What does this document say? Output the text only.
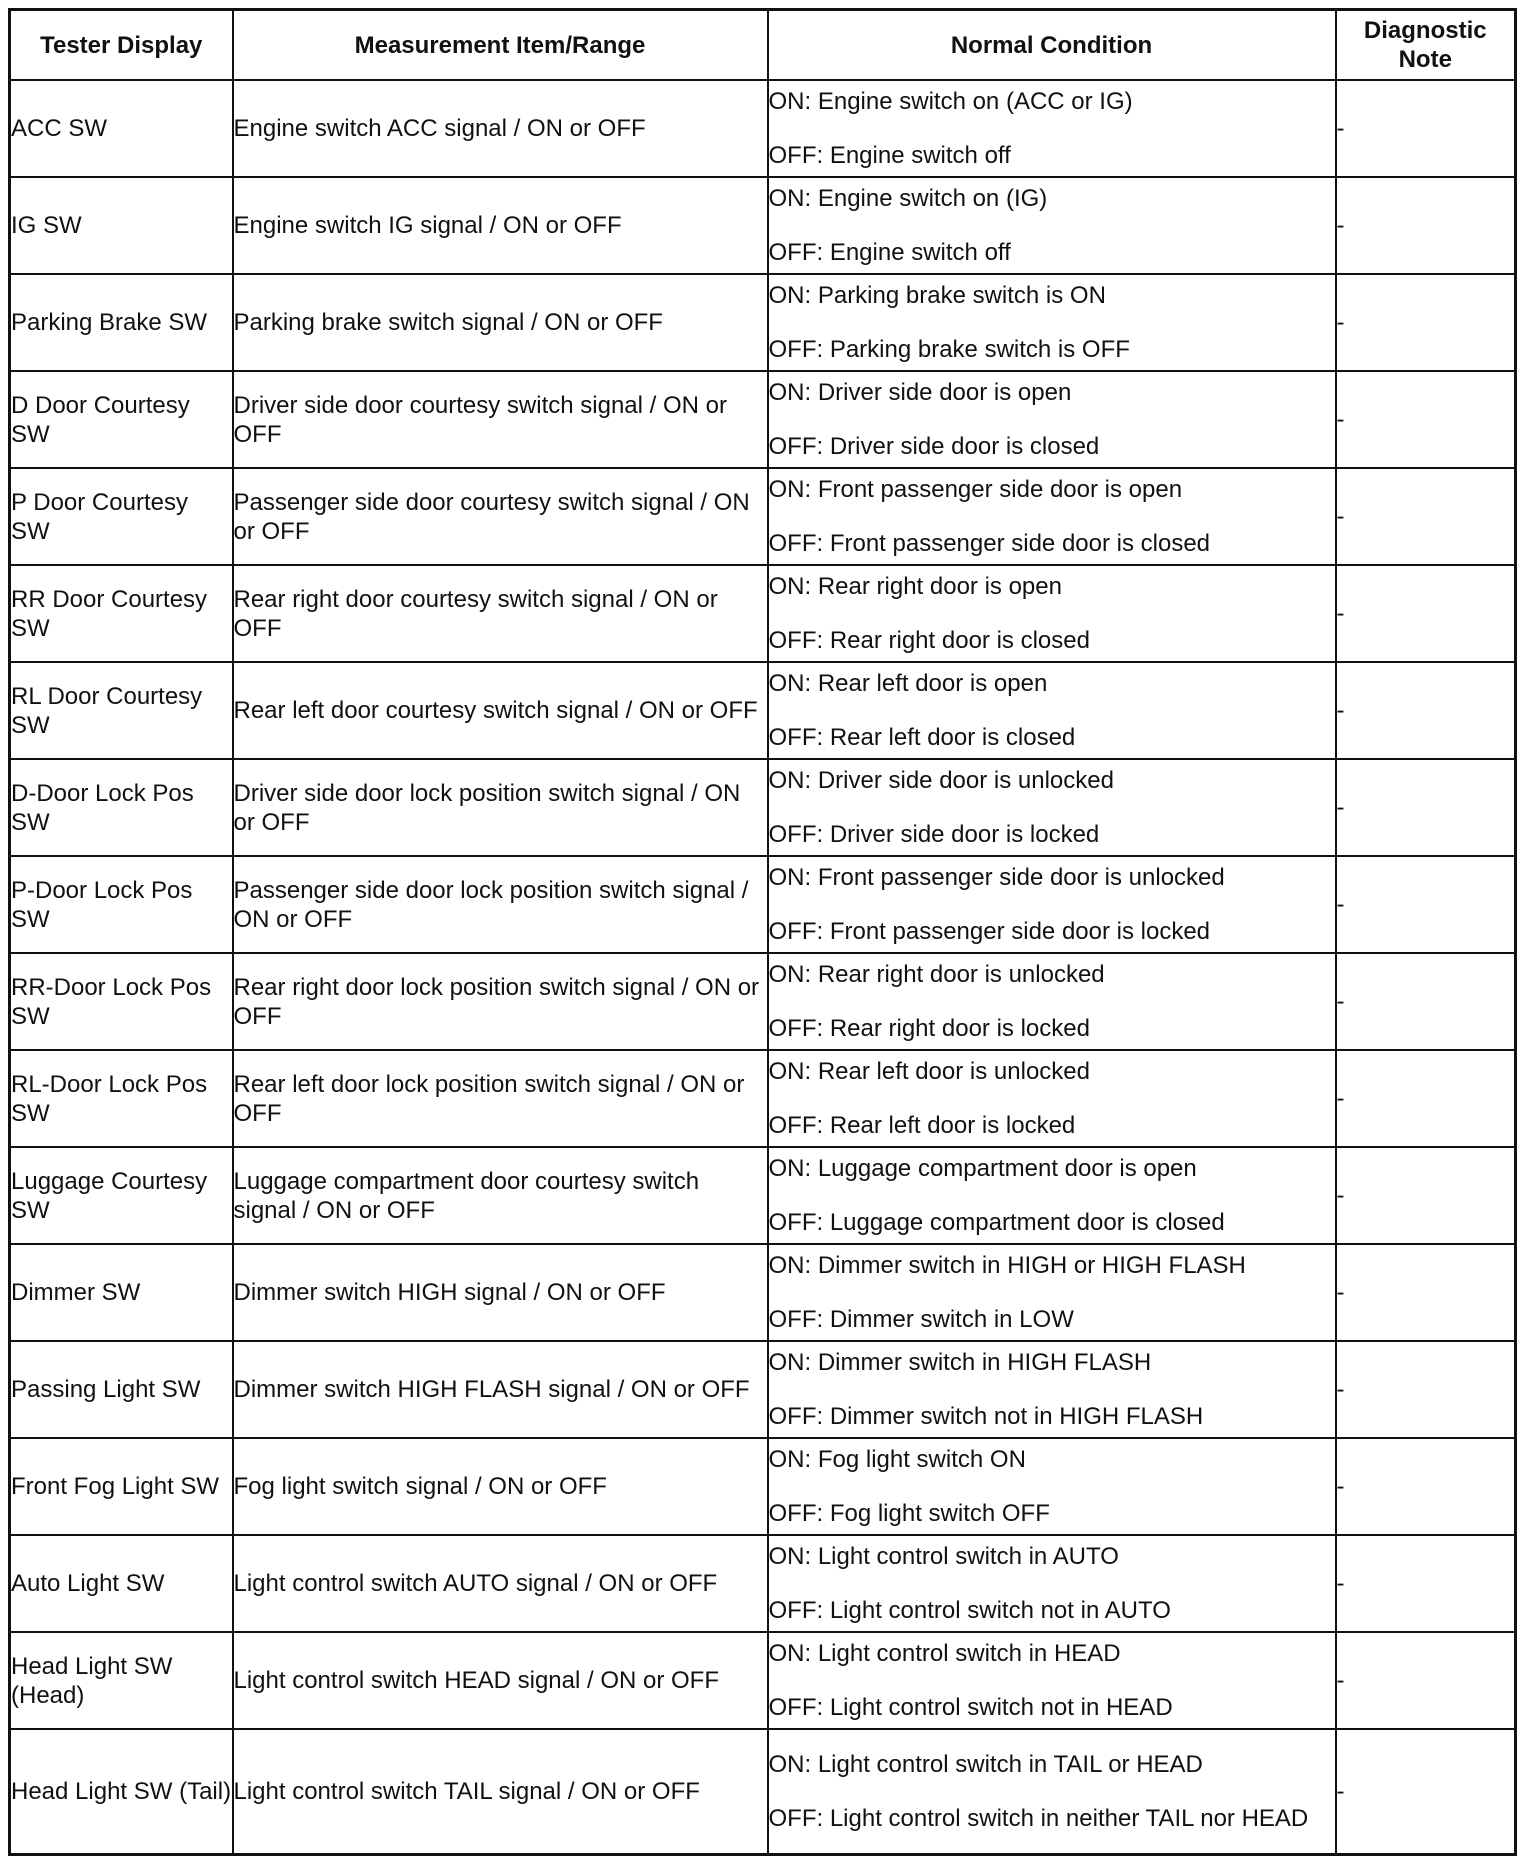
Tester Display	Measurement Item/Range	Normal Condition	Diagnostic Note
ACC SW	Engine switch ACC signal / ON or OFF	ON: Engine switch on (ACC or IG)
OFF: Engine switch off	-
IG SW	Engine switch IG signal / ON or OFF	ON: Engine switch on (IG)
OFF: Engine switch off	-
Parking Brake SW	Parking brake switch signal / ON or OFF	ON: Parking brake switch is ON
OFF: Parking brake switch is OFF	-
D Door Courtesy SW	Driver side door courtesy switch signal / ON or OFF	ON: Driver side door is open
OFF: Driver side door is closed	-
P Door Courtesy SW	Passenger side door courtesy switch signal / ON or OFF	ON: Front passenger side door is open
OFF: Front passenger side door is closed	-
RR Door Courtesy SW	Rear right door courtesy switch signal / ON or OFF	ON: Rear right door is open
OFF: Rear right door is closed	-
RL Door Courtesy SW	Rear left door courtesy switch signal / ON or OFF	ON: Rear left door is open
OFF: Rear left door is closed	-
D-Door Lock Pos SW	Driver side door lock position switch signal / ON or OFF	ON: Driver side door is unlocked
OFF: Driver side door is locked	-
P-Door Lock Pos SW	Passenger side door lock position switch signal / ON or OFF	ON: Front passenger side door is unlocked
OFF: Front passenger side door is locked	-
RR-Door Lock Pos SW	Rear right door lock position switch signal / ON or OFF	ON: Rear right door is unlocked
OFF: Rear right door is locked	-
RL-Door Lock Pos SW	Rear left door lock position switch signal / ON or OFF	ON: Rear left door is unlocked
OFF: Rear left door is locked	-
Luggage Courtesy SW	Luggage compartment door courtesy switch signal / ON or OFF	ON: Luggage compartment door is open
OFF: Luggage compartment door is closed	-
Dimmer SW	Dimmer switch HIGH signal / ON or OFF	ON: Dimmer switch in HIGH or HIGH FLASH
OFF: Dimmer switch in LOW	-
Passing Light SW	Dimmer switch HIGH FLASH signal / ON or OFF	ON: Dimmer switch in HIGH FLASH
OFF: Dimmer switch not in HIGH FLASH	-
Front Fog Light SW	Fog light switch signal / ON or OFF	ON: Fog light switch ON
OFF: Fog light switch OFF	-
Auto Light SW	Light control switch AUTO signal / ON or OFF	ON: Light control switch in AUTO
OFF: Light control switch not in AUTO	-
Head Light SW (Head)	Light control switch HEAD signal / ON or OFF	ON: Light control switch in HEAD
OFF: Light control switch not in HEAD	-
Head Light SW (Tail)	Light control switch TAIL signal / ON or OFF	ON: Light control switch in TAIL or HEAD
OFF: Light control switch in neither TAIL nor HEAD	-
